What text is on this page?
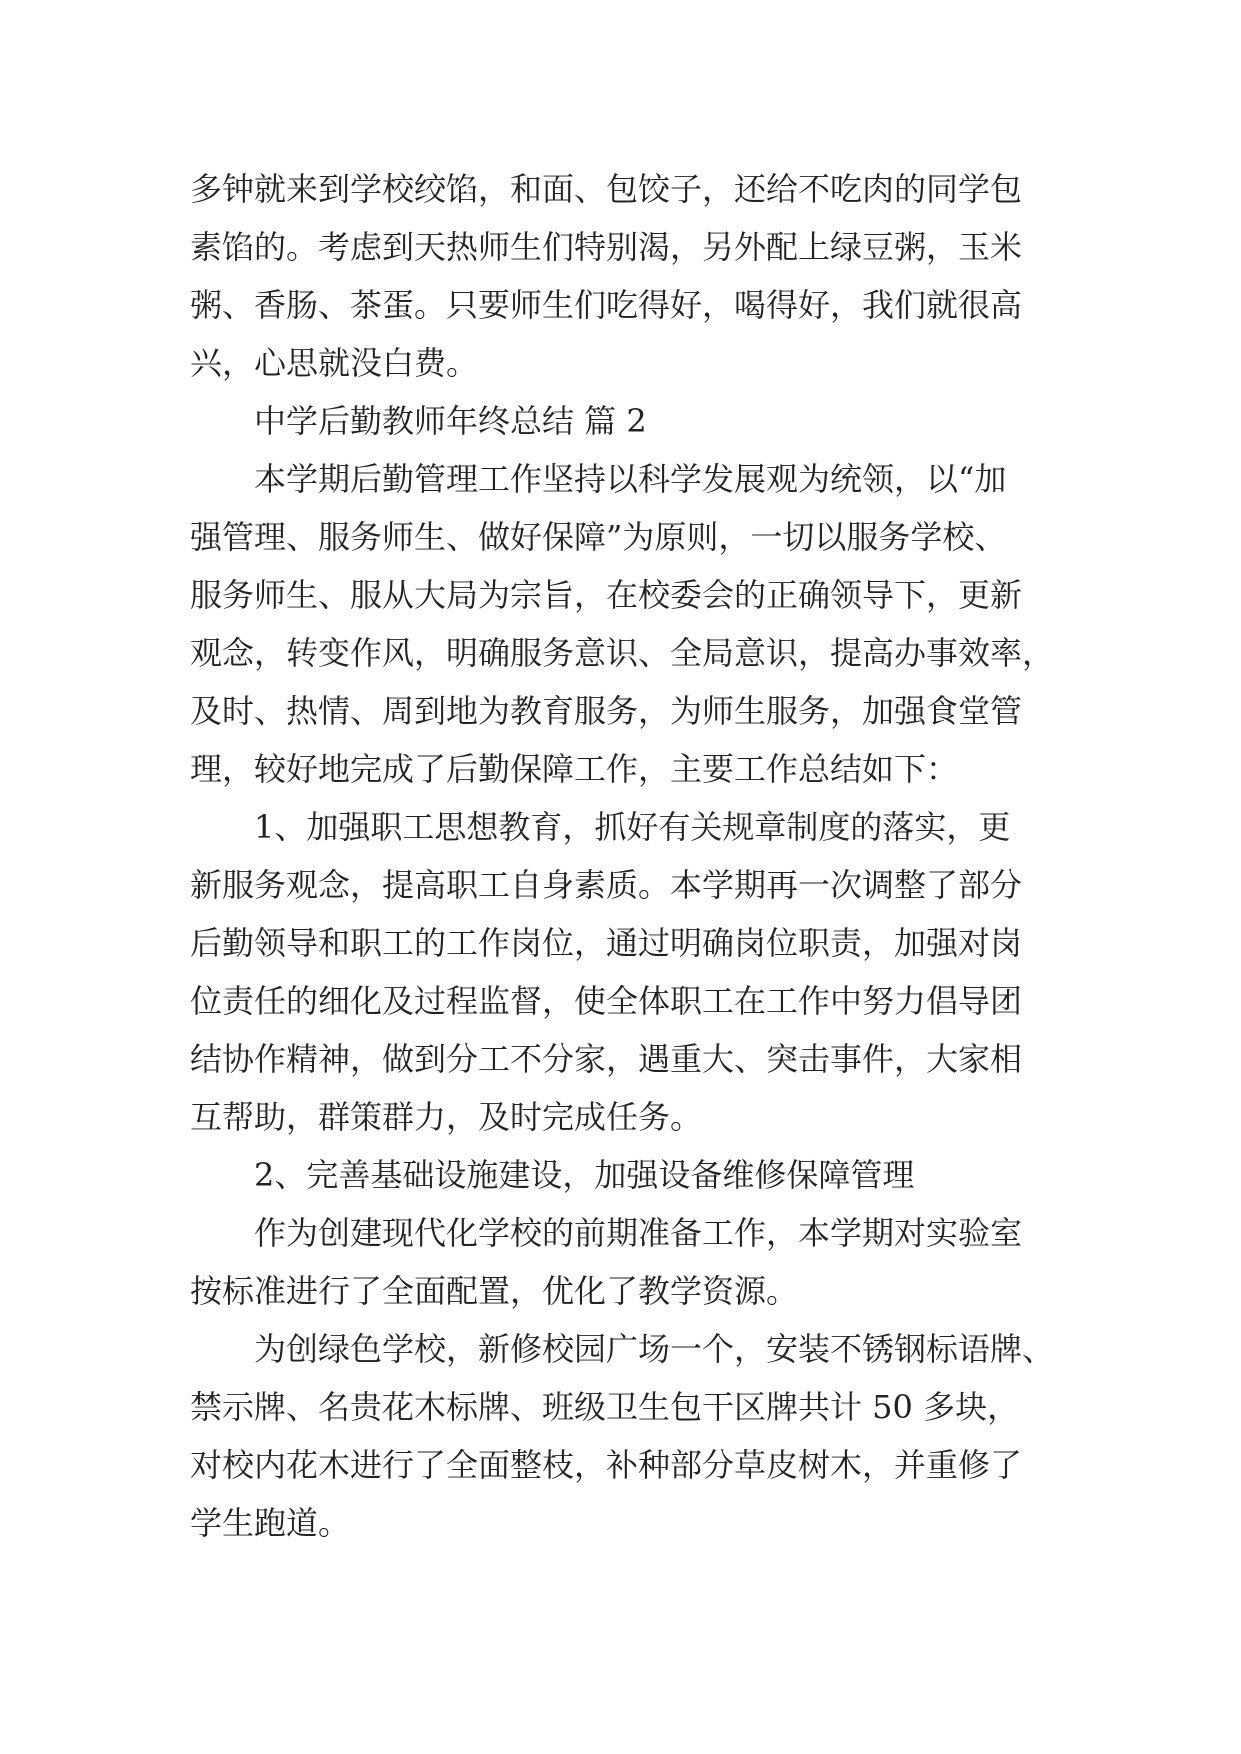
多钟就来到学校绞馅，和面、包饺子，还给不吃肉的同学包
素馅的。考虑到天热师生们特别渴，另外配上绿豆粥，玉米
粥、香肠、茶蛋。只要师生们吃得好，喝得好，我们就很高
兴，心思就没白费。
中学后勤教师年终总结 篇 2
本学期后勤管理工作坚持以科学发展观为统领，以“加
强管理、服务师生、做好保障”为原则，一切以服务学校、
服务师生、服从大局为宗旨，在校委会的正确领导下，更新
观念，转变作风，明确服务意识、全局意识，提高办事效率，
及时、热情、周到地为教育服务，为师生服务，加强食堂管
理，较好地完成了后勤保障工作，主要工作总结如下：
1、加强职工思想教育，抓好有关规章制度的落实，更
新服务观念，提高职工自身素质。本学期再一次调整了部分
后勤领导和职工的工作岗位，通过明确岗位职责，加强对岗
位责任的细化及过程监督，使全体职工在工作中努力倡导团
结协作精神，做到分工不分家，遇重大、突击事件，大家相
互帮助，群策群力，及时完成任务。
2、完善基础设施建设，加强设备维修保障管理
作为创建现代化学校的前期准备工作，本学期对实验室
按标准进行了全面配置，优化了教学资源。
为创绿色学校，新修校园广场一个，安装不锈钢标语牌、
禁示牌、名贵花木标牌、班级卫生包干区牌共计 50 多块，
对校内花木进行了全面整枝，补种部分草皮树木，并重修了
学生跑道。
